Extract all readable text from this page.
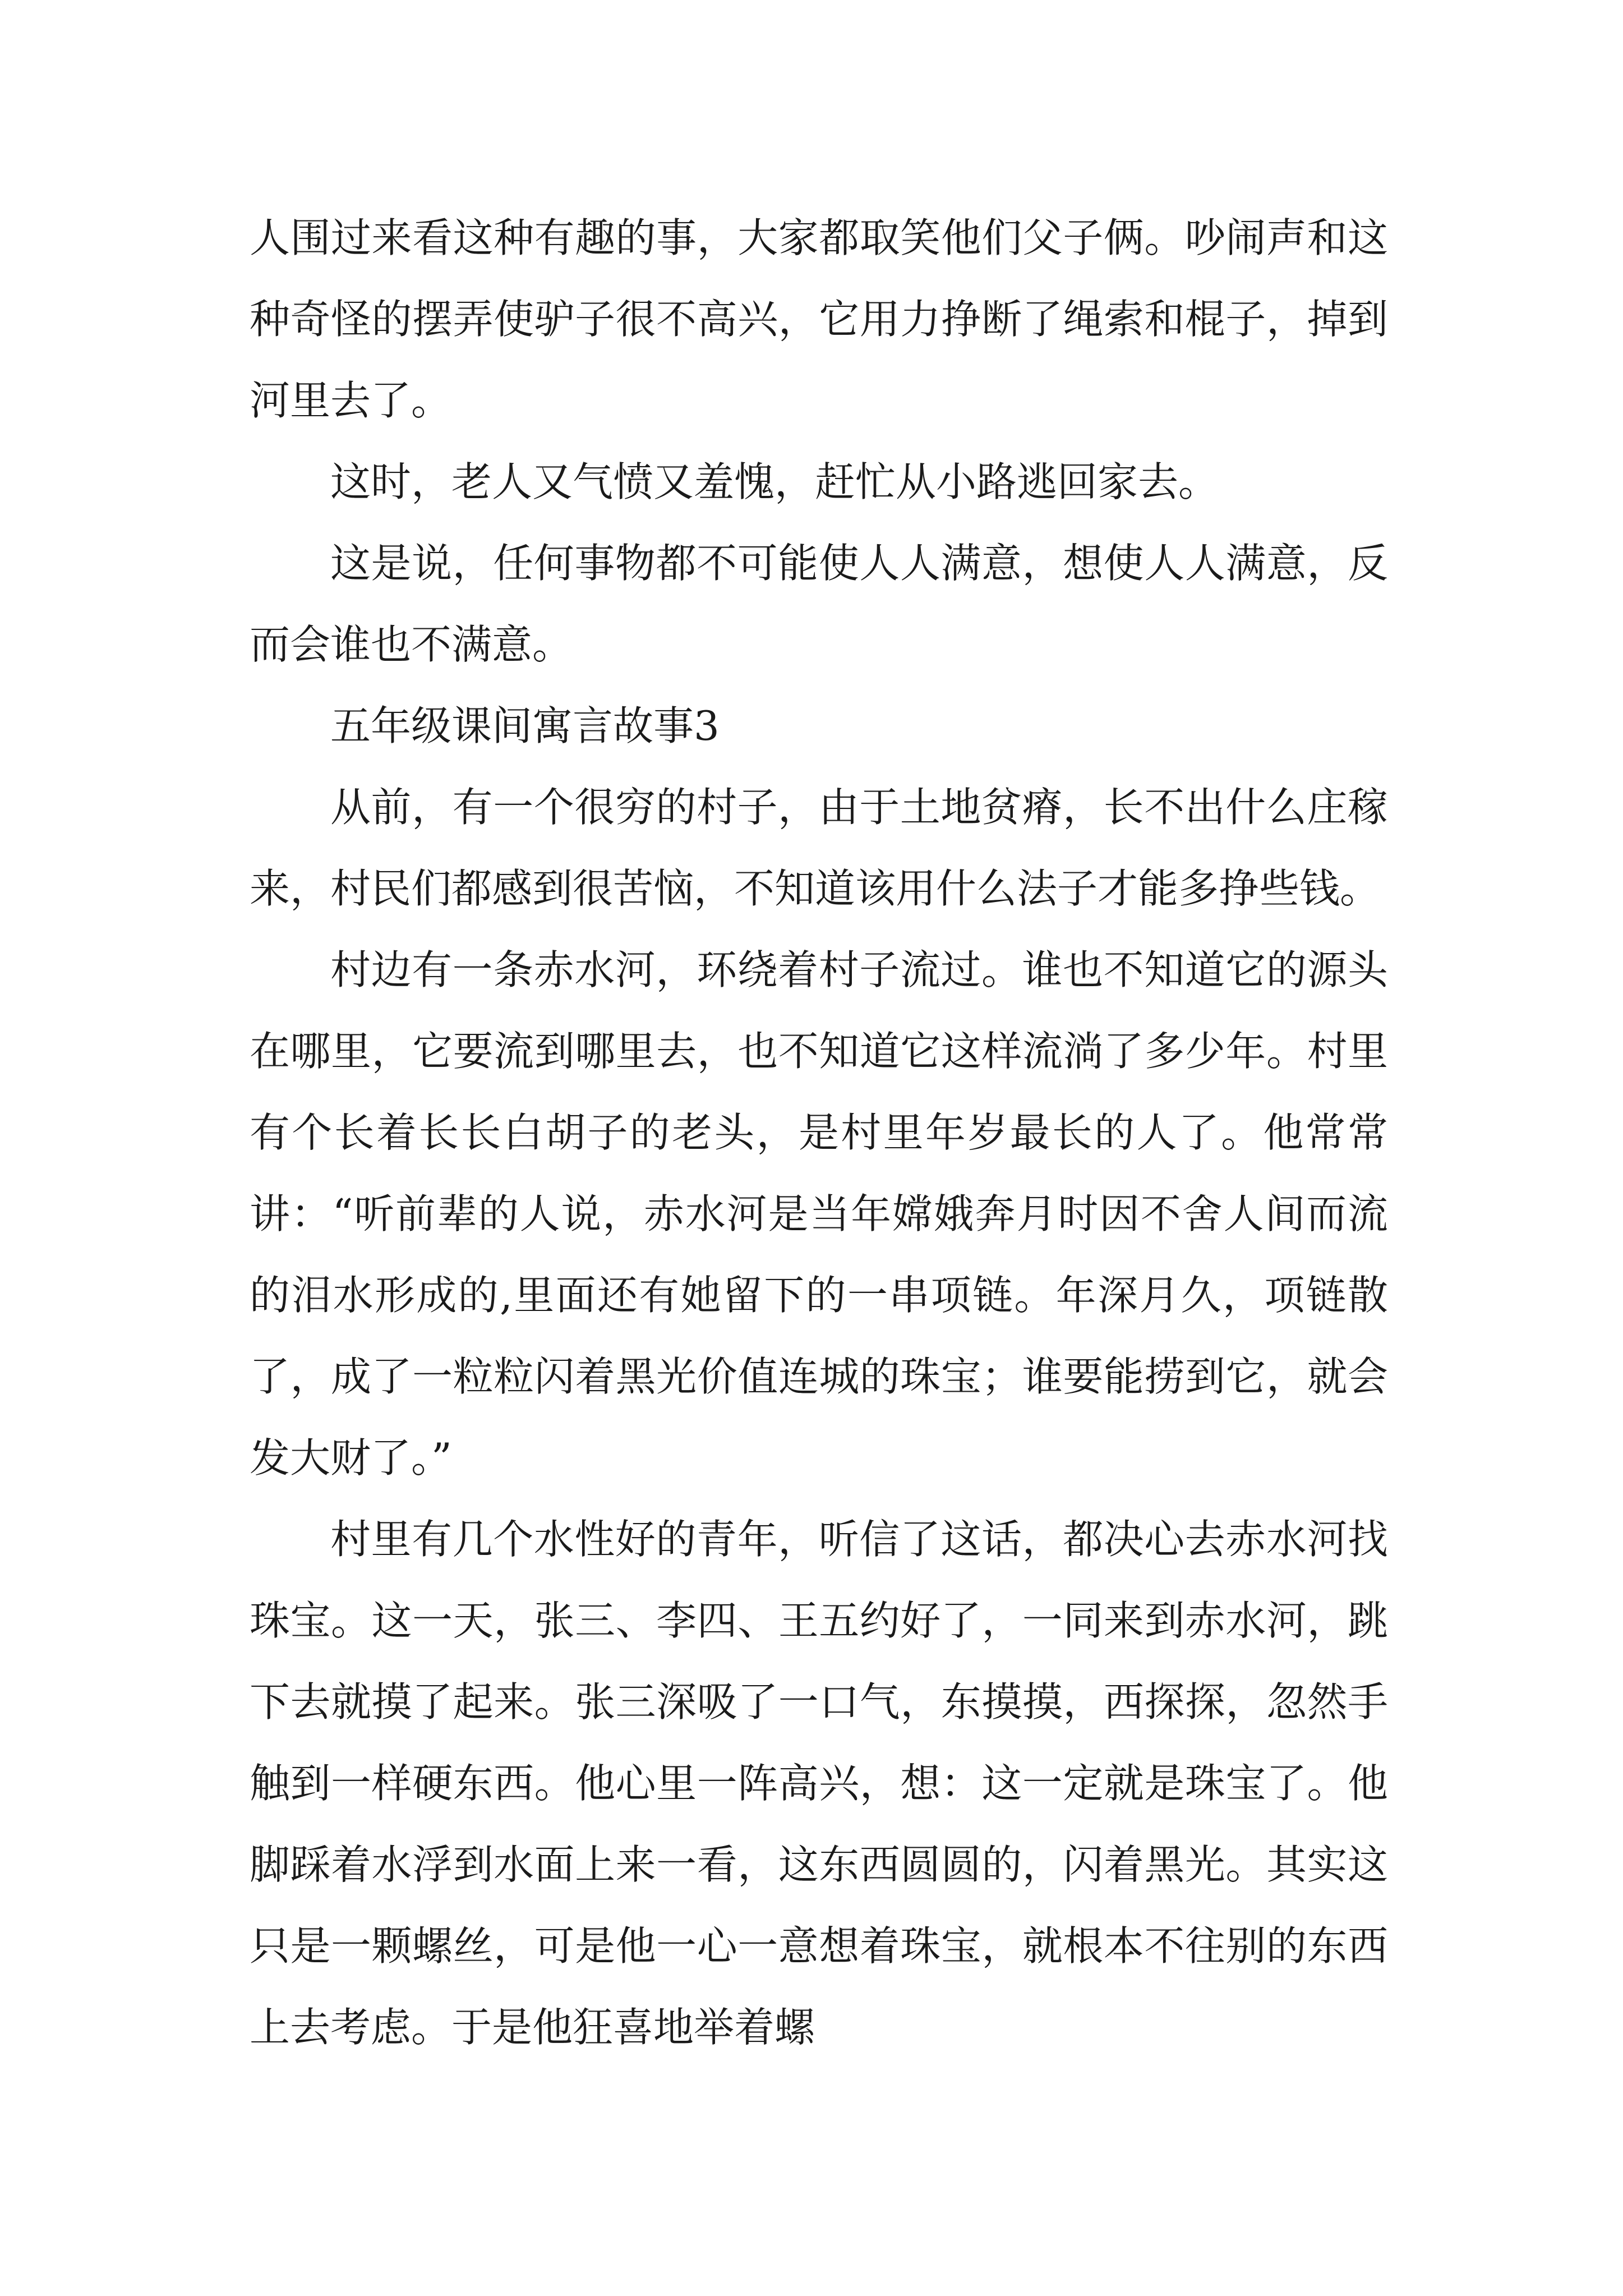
人围过来看这种有趣的事，大家都取笑他们父子俩。吵闹声和这种奇怪的摆弄使驴子很不高兴，它用力挣断了绳索和棍子，掉到河里去了。

这时，老人又气愤又羞愧，赶忙从小路逃回家去。

这是说，任何事物都不可能使人人满意，想使人人满意，反而会谁也不满意。

五年级课间寓言故事3

从前，有一个很穷的村子，由于土地贫瘠，长不出什么庄稼来，村民们都感到很苦恼，不知道该用什么法子才能多挣些钱。

村边有一条赤水河，环绕着村子流过。谁也不知道它的源头在哪里，它要流到哪里去，也不知道它这样流淌了多少年。村里有个长着长长白胡子的老头，是村里年岁最长的人了。他常常讲：“听前辈的人说，赤水河是当年嫦娥奔月时因不舍人间而流的泪水形成的,里面还有她留下的一串项链。年深月久，项链散了，成了一粒粒闪着黑光价值连城的珠宝；谁要能捞到它，就会发大财了。”

村里有几个水性好的青年，听信了这话，都决心去赤水河找珠宝。这一天，张三、李四、王五约好了，一同来到赤水河，跳下去就摸了起来。张三深吸了一口气，东摸摸，西探探，忽然手触到一样硬东西。他心里一阵高兴，想：这一定就是珠宝了。他脚踩着水浮到水面上来一看，这东西圆圆的，闪着黑光。其实这只是一颗螺丝，可是他一心一意想着珠宝，就根本不往别的东西上去考虑。于是他狂喜地举着螺
